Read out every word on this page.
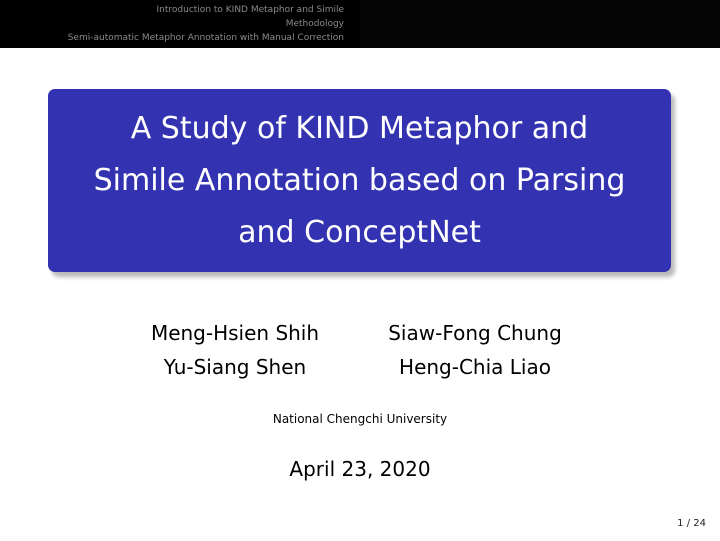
Introduction to KIND Metaphor and Simile
Methodology
Semi-automatic Metaphor Annotation with Manual Correction
A Study of KIND Metaphor and
Simile Annotation based on Parsing
and ConceptNet
Meng-Hsien Shih	Siaw-Fong Chung
Yu-Siang Shen	Heng-Chia Liao
National Chengchi University
April 23, 2020
1 / 24
